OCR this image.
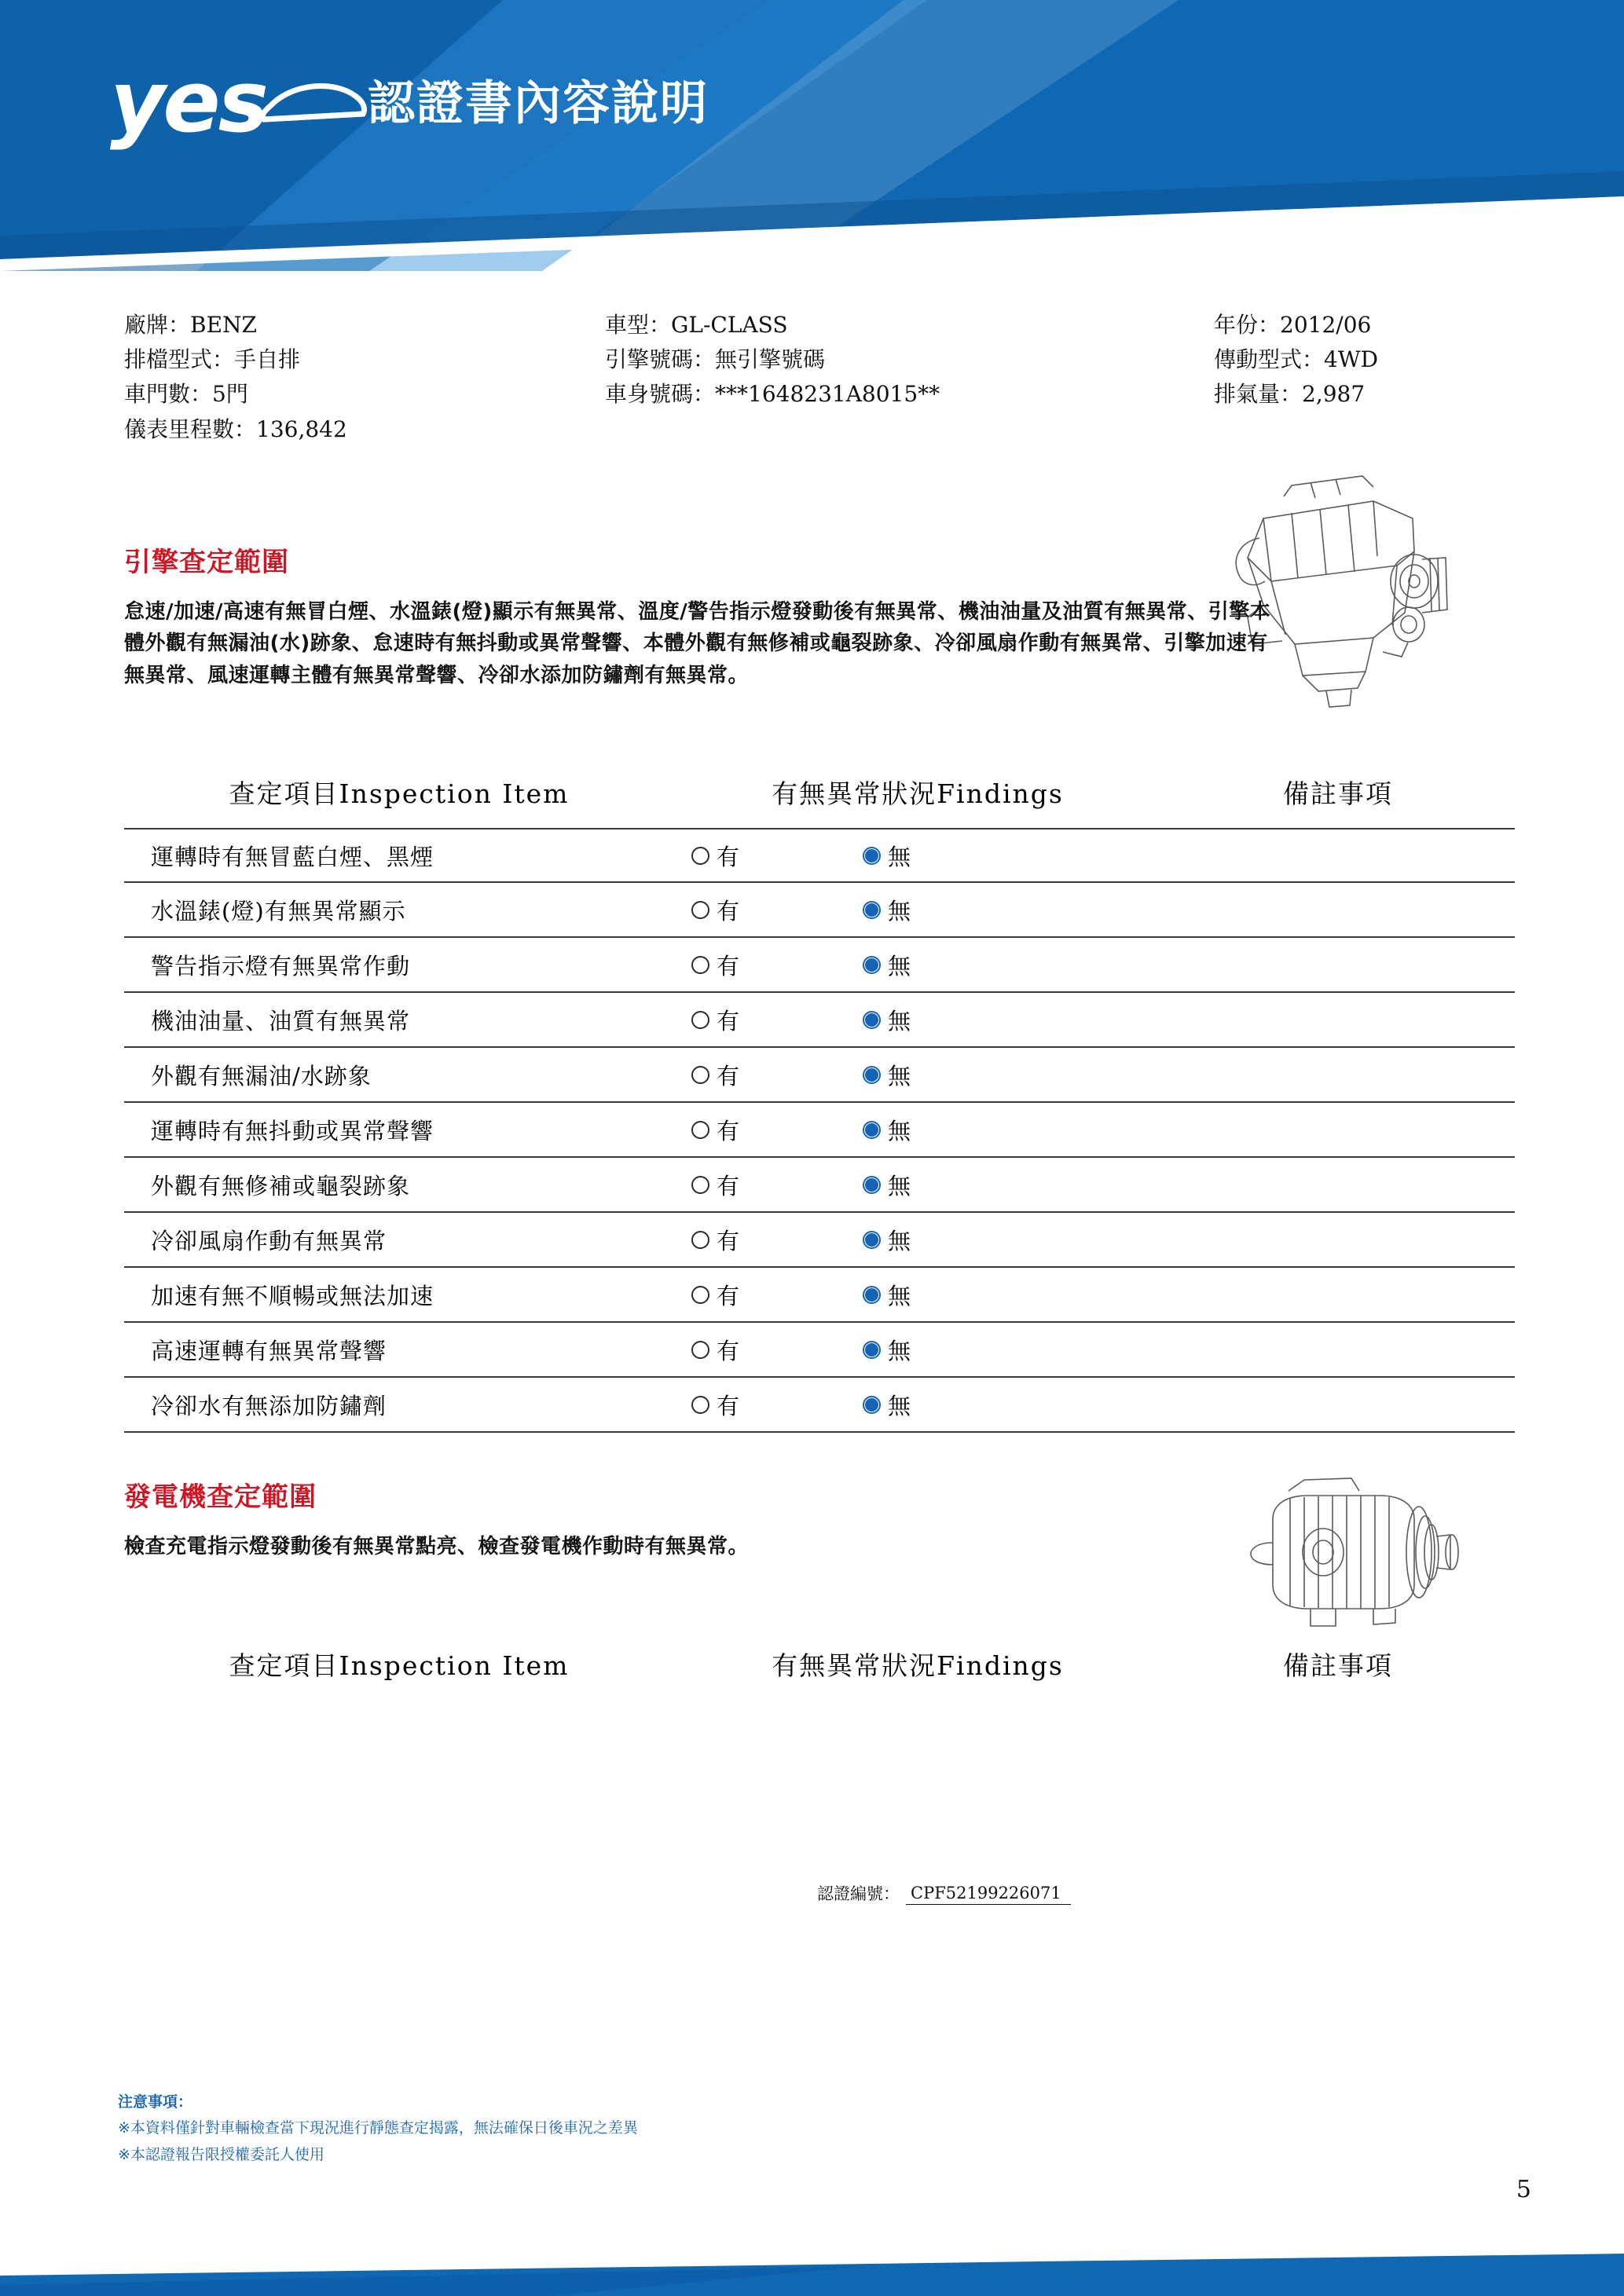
yes 認證書內容說明
廠牌：BENZ
排檔型式：手自排
車門數：5門
儀表里程數：136,842
車型：GL-CLASS
引擎號碼：無引擎號碼
車身號碼：***1648231A8015**
年份：2012/06
傳動型式：4WD
排氣量：2,987
引擎查定範圍
怠速/加速/高速有無冒白煙、水溫錶(燈)顯示有無異常、溫度/警告指示燈發動後有無異常、機油油量及油質有無異常、引擎本體外觀有無漏油(水)跡象、怠速時有無抖動或異常聲響、本體外觀有無修補或龜裂跡象、冷卻風扇作動有無異常、引擎加速有無異常、風速運轉主體有無異常聲響、冷卻水添加防鏽劑有無異常。
查定項目Inspection Item	有無異常狀況Findings	備註事項
運轉時有無冒藍白煙、黑煙	有	無
水溫錶(燈)有無異常顯示	有	無
警告指示燈有無異常作動	有	無
機油油量、油質有無異常	有	無
外觀有無漏油/水跡象	有	無
運轉時有無抖動或異常聲響	有	無
外觀有無修補或龜裂跡象	有	無
冷卻風扇作動有無異常	有	無
加速有無不順暢或無法加速	有	無
高速運轉有無異常聲響	有	無
冷卻水有無添加防鏽劑	有	無
發電機查定範圍
檢查充電指示燈發動後有無異常點亮、檢查發電機作動時有無異常。
查定項目Inspection Item	有無異常狀況Findings	備註事項
認證編號： CPF52199226071
注意事項：
※本資料僅針對車輛檢查當下現況進行靜態查定揭露，無法確保日後車況之差異
※本認證報告限授權委託人使用
5
